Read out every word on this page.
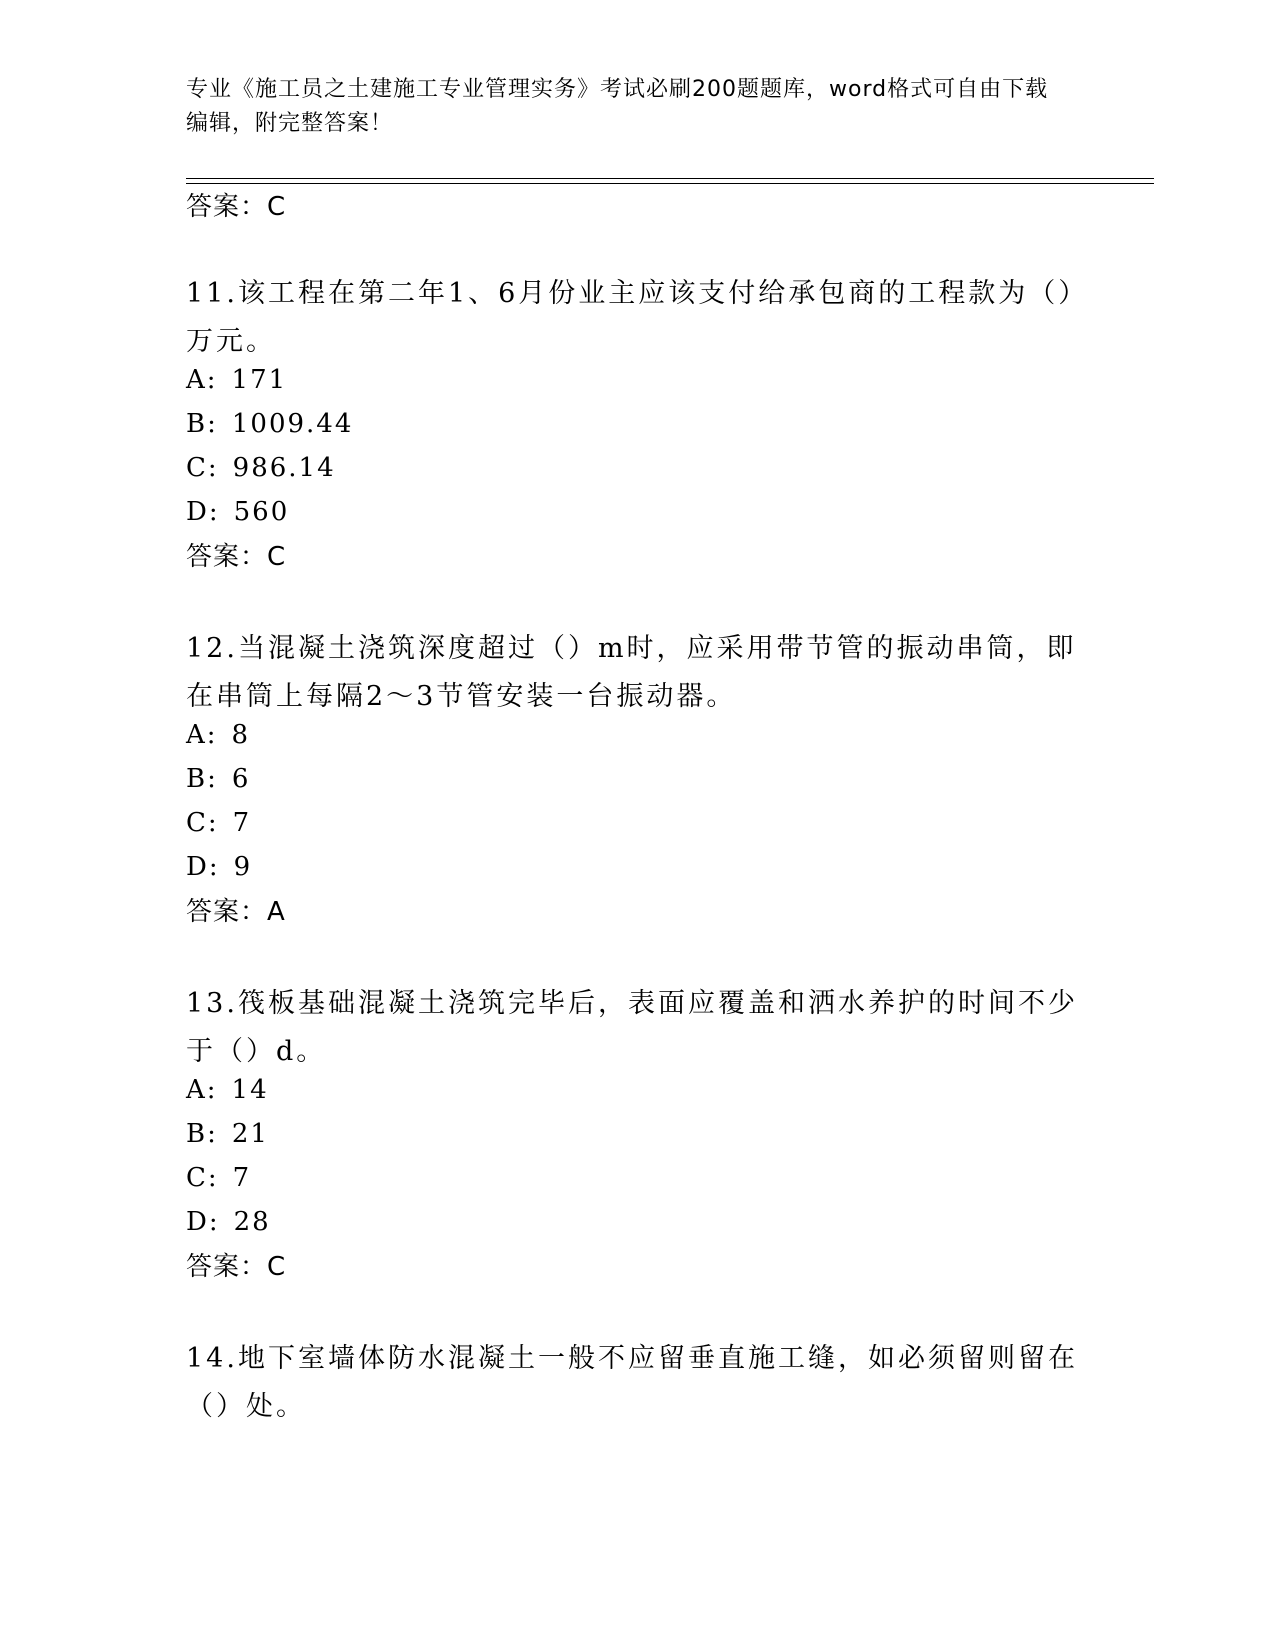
专业《施工员之土建施工专业管理实务》考试必刷200题题库，word格式可自由下载编辑，附完整答案！
答案：C
11.该工程在第二年1、6月份业主应该支付给承包商的工程款为（）万元。
A: 171
B: 1009.44
C: 986.14
D: 560
答案：C
12.当混凝土浇筑深度超过（）m时，应采用带节管的振动串筒，即在串筒上每隔2～3节管安装一台振动器。
A: 8
B: 6
C: 7
D: 9
答案：A
13.筏板基础混凝土浇筑完毕后，表面应覆盖和洒水养护的时间不少于（）d。
A: 14
B: 21
C: 7
D: 28
答案：C
14.地下室墙体防水混凝土一般不应留垂直施工缝，如必须留则留在（）处。
